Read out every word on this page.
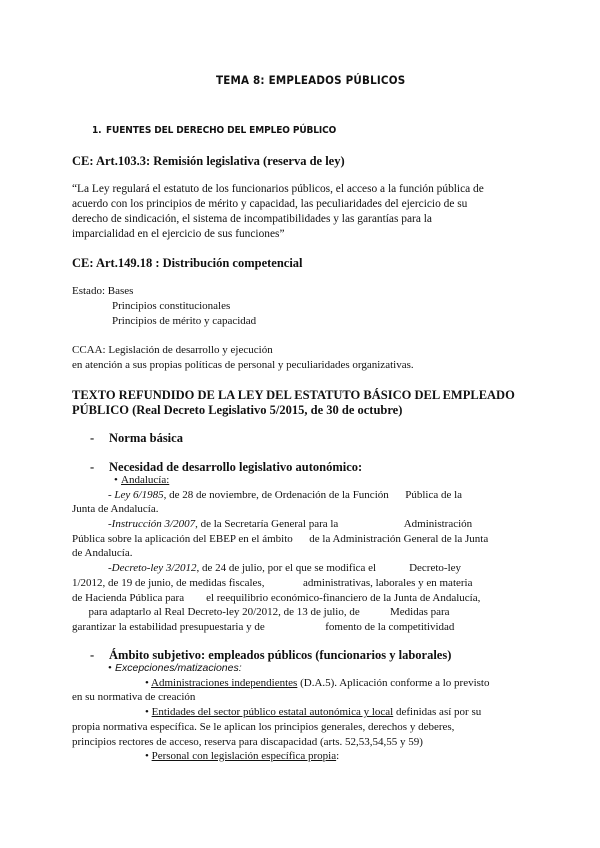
TEMA 8: EMPLEADOS PÚBLICOS
1. FUENTES DEL DERECHO DEL EMPLEO PÚBLICO
CE: Art.103.3: Remisión legislativa (reserva de ley)
“La Ley regulará el estatuto de los funcionarios públicos, el acceso a la función pública de
acuerdo con los principios de mérito y capacidad, las peculiaridades del ejercicio de su
derecho de sindicación, el sistema de incompatibilidades y las garantías para la
imparcialidad en el ejercicio de sus funciones”
CE: Art.149.18 : Distribución competencial
Estado: Bases
Principios constitucionales
Principios de mérito y capacidad
CCAA: Legislación de desarrollo y ejecución
en atención a sus propias políticas de personal y peculiaridades organizativas.
TEXTO REFUNDIDO DE LA LEY DEL ESTATUTO BÁSICO DEL EMPLEADO
PÚBLICO (Real Decreto Legislativo 5/2015, de 30 de octubre)
- Norma básica
- Necesidad de desarrollo legislativo autonómico:
• Andalucía:
- Ley 6/1985, de 28 de noviembre, de Ordenación de la Función      Pública de la
Junta de Andalucía.
-Instrucción 3/2007, de la Secretaría General para la                        Administración
Pública sobre la aplicación del EBEP en el ámbito      de la Administración General de la Junta
de Andalucía.
-Decreto-ley 3/2012, de 24 de julio, por el que se modifica el            Decreto-ley
1/2012, de 19 de junio, de medidas fiscales,              administrativas, laborales y en materia
de Hacienda Pública para        el reequilibrio económico-financiero de la Junta de Andalucía,
para adaptarlo al Real Decreto-ley 20/2012, de 13 de julio, de           Medidas para
garantizar la estabilidad presupuestaria y de                      fomento de la competitividad
- Ámbito subjetivo: empleados públicos (funcionarios y laborales)
• Excepciones/matizaciones:
• Administraciones independientes (D.A.5). Aplicación conforme a lo previsto
en su normativa de creación
• Entidades del sector público estatal autonómica y local definidas así por su
propia normativa específica. Se le aplican los principios generales, derechos y deberes,
principios rectores de acceso, reserva para discapacidad (arts. 52,53,54,55 y 59)
• Personal con legislación específica propia:
